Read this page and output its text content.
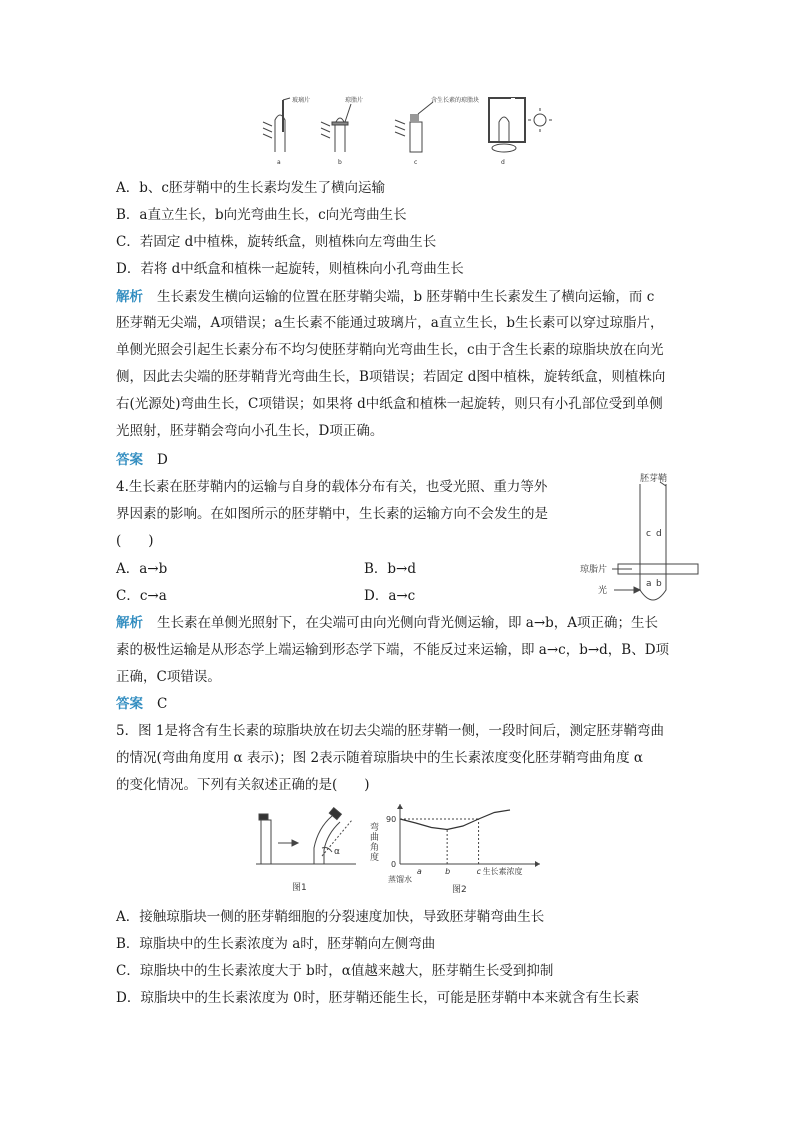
玻璃片	琼脂片	含生长素的琼脂块
a	b	c	d
A．b、c胚芽鞘中的生长素均发生了横向运输
B．a直立生长，b向光弯曲生长，c向光弯曲生长
C．若固定 d中植株，旋转纸盒，则植株向左弯曲生长
D．若将 d中纸盒和植株一起旋转，则植株向小孔弯曲生长
解析 生长素发生横向运输的位置在胚芽鞘尖端，b 胚芽鞘中生长素发生了横向运输，而 c
胚芽鞘无尖端，A项错误；a生长素不能通过玻璃片，a直立生长，b生长素可以穿过琼脂片，
单侧光照会引起生长素分布不均匀使胚芽鞘向光弯曲生长，c由于含生长素的琼脂块放在向光
侧，因此去尖端的胚芽鞘背光弯曲生长，B项错误；若固定 d图中植株，旋转纸盒，则植株向
右(光源处)弯曲生长，C项错误；如果将 d中纸盒和植株一起旋转，则只有小孔部位受到单侧
光照射，胚芽鞘会弯向小孔生长，D项正确。
答案 D
4.生长素在胚芽鞘内的运输与自身的载体分布有关，也受光照、重力等外
界因素的影响。在如图所示的胚芽鞘中，生长素的运输方向不会发生的是
(　　)
A．a→b	B．b→d
C．c→a	D．a→c
胚芽鞘
琼脂片
光
c d
a b
解析 生长素在单侧光照射下，在尖端可由向光侧向背光侧运输，即 a→b，A项正确；生长
素的极性运输是从形态学上端运输到形态学下端，不能反过来运输，即 a→c，b→d，B、D项
正确，C项错误。
答案 C
5．图 1是将含有生长素的琼脂块放在切去尖端的胚芽鞘一侧，一段时间后，测定胚芽鞘弯曲
的情况(弯曲角度用 α 表示)；图 2表示随着琼脂块中的生长素浓度变化胚芽鞘弯曲角度 α
的变化情况。下列有关叙述正确的是(　　)
α
图1
弯
曲
角
度
图2
90
0
a	b	c
蒸馏水
生长素浓度
A．接触琼脂块一侧的胚芽鞘细胞的分裂速度加快，导致胚芽鞘弯曲生长
B．琼脂块中的生长素浓度为 a时，胚芽鞘向左侧弯曲
C．琼脂块中的生长素浓度大于 b时，α值越来越大，胚芽鞘生长受到抑制
D．琼脂块中的生长素浓度为 0时，胚芽鞘还能生长，可能是胚芽鞘中本来就含有生长素
